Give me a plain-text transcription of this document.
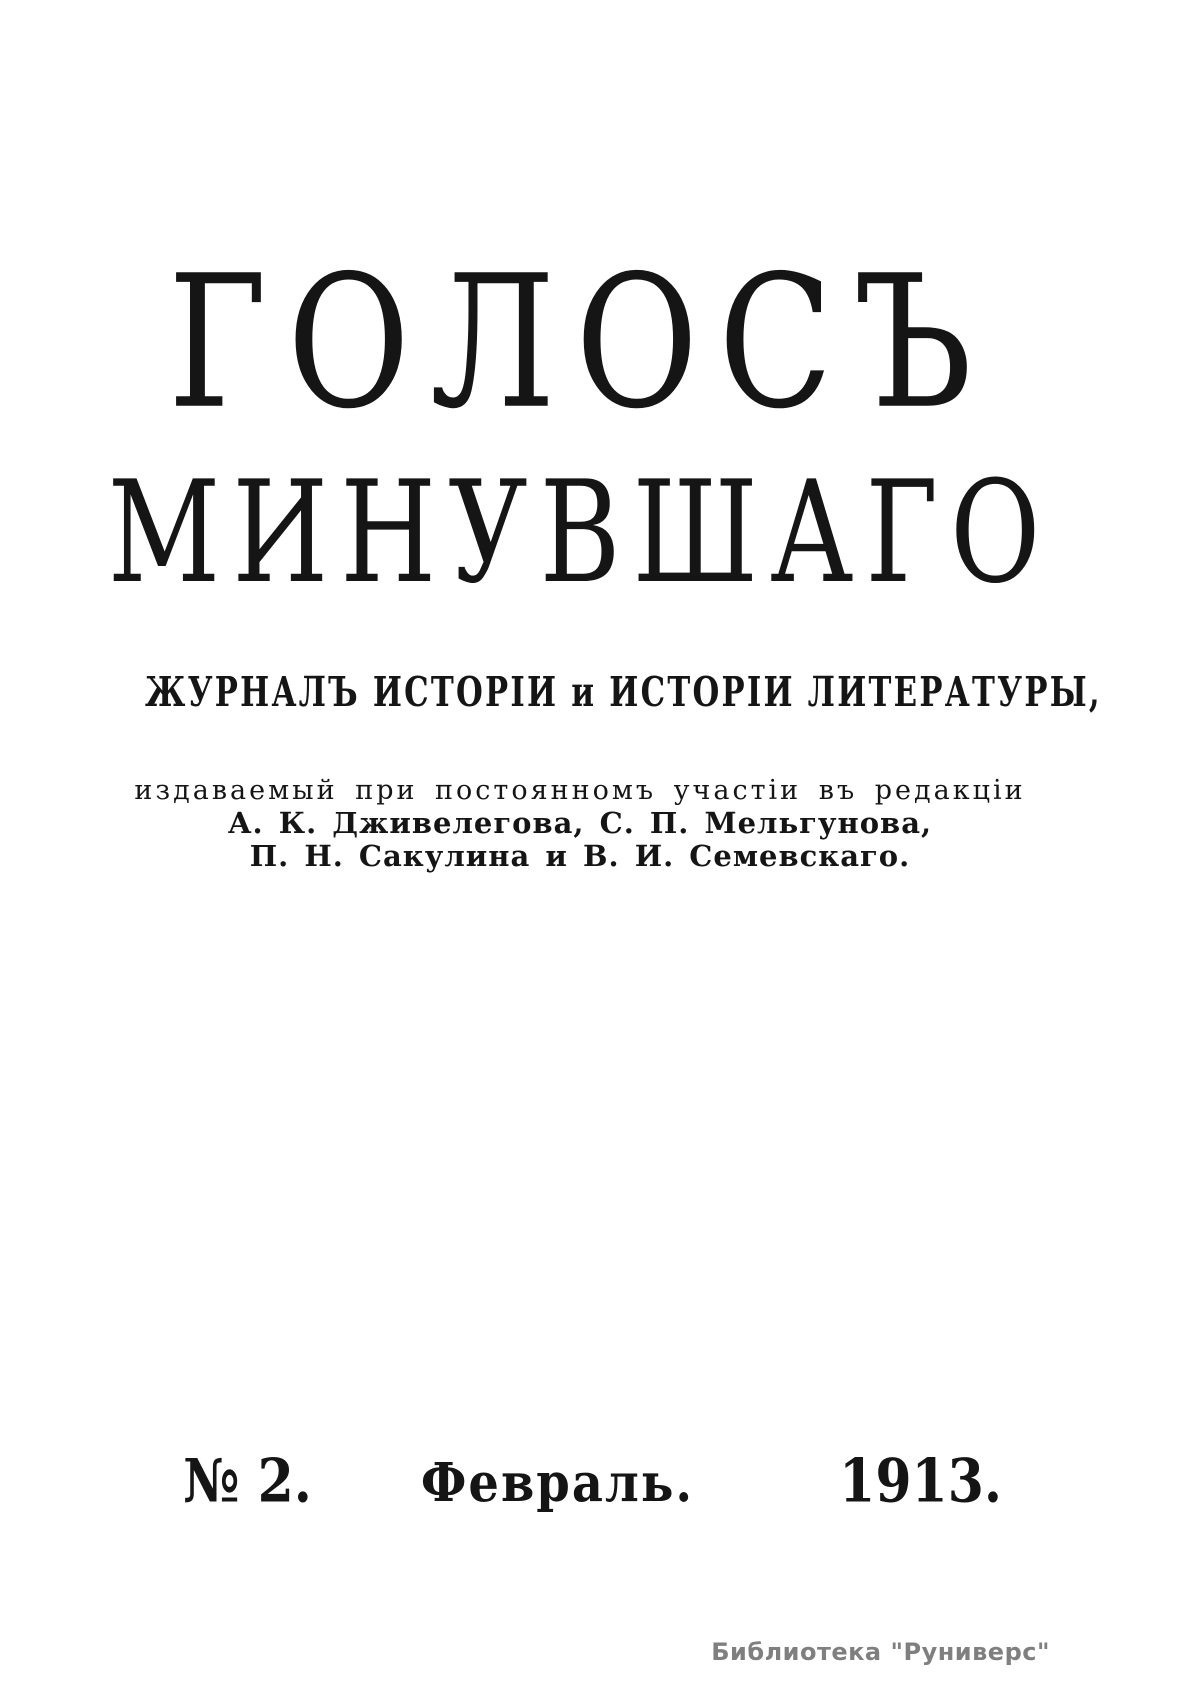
ГОЛОСЪ
МИНУВШАГО
ЖУРНАЛЪ ИСТОРІИ и ИСТОРІИ ЛИТЕРАТУРЫ,
издаваемый при постоянномъ участіи въ редакціи
А. К. Дживелегова, С. П. Мельгунова,
П. Н. Сакулина и В. И. Семевскаго.
№ 2.	Февраль.	1913.
Библиотека "Руниверс"
